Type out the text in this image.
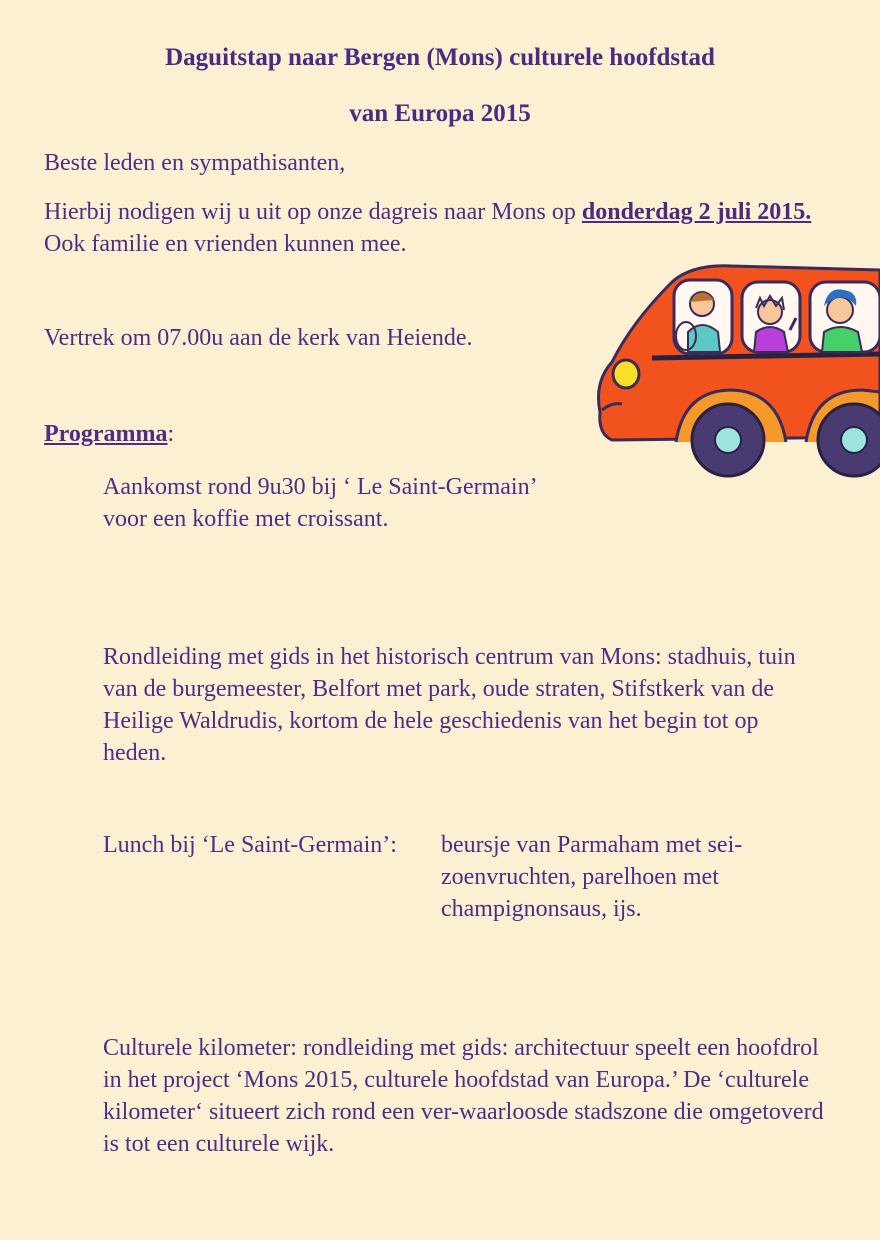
Daguitstap naar Bergen (Mons) culturele hoofdstad
van Europa 2015
Beste leden en sympathisanten,
Hierbij nodigen wij u uit op onze dagreis naar Mons op donderdag 2 juli 2015. Ook familie en vrienden kunnen mee.
Vertrek om 07.00u aan de kerk van Heiende.
Programma:
Aankomst rond 9u30 bij ‘ Le Saint-Germain’ voor een koffie met croissant.
Rondleiding met gids in het historisch centrum van Mons: stadhuis, tuin van de burgemeester, Belfort met park, oude straten, Stifstkerk van de Heilige Waldrudis, kortom de hele geschiedenis van het begin tot op heden.
Lunch bij ‘Le Saint-Germain’: beursje van Parmaham met sei-zoenvruchten, parelhoen met champignonsaus, ijs.
Culturele kilometer: rondleiding met gids: architectuur speelt een hoofdrol in het project ‘Mons 2015, culturele hoofdstad van Europa.’ De ‘culturele kilometer‘ situeert zich rond een ver-waarloosde stadszone die omgetoverd is tot een culturele wijk.
